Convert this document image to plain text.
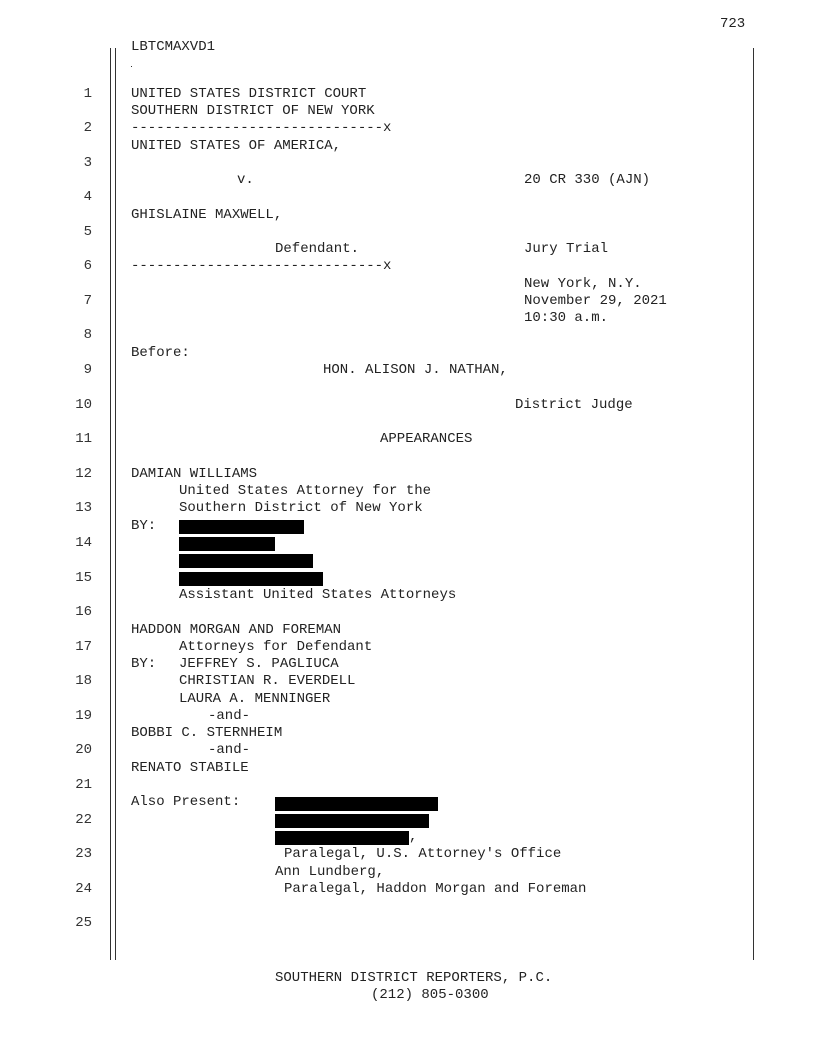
723
LBTCMAXVD1
1
2
3
4
5
6
7
8
9
10
11
12
13
14
15
16
17
18
19
20
21
22
23
24
25
UNITED STATES DISTRICT COURT
SOUTHERN DISTRICT OF NEW YORK
------------------------------x
UNITED STATES OF AMERICA,
v.	20 CR 330 (AJN)
GHISLAINE MAXWELL,
Defendant.	Jury Trial
------------------------------x
New York, N.Y.
November 29, 2021
10:30 a.m.
Before:
HON. ALISON J. NATHAN,
District Judge
APPEARANCES
DAMIAN WILLIAMS
United States Attorney for the
Southern District of New York
BY:
Assistant United States Attorneys
HADDON MORGAN AND FOREMAN
Attorneys for Defendant
BY: JEFFREY S. PAGLIUCA
CHRISTIAN R. EVERDELL
LAURA A. MENNINGER
-and-
BOBBI C. STERNHEIM
-and-
RENATO STABILE
Also Present:
,
Paralegal, U.S. Attorney's Office
Ann Lundberg,
Paralegal, Haddon Morgan and Foreman
SOUTHERN DISTRICT REPORTERS, P.C.
(212) 805-0300
